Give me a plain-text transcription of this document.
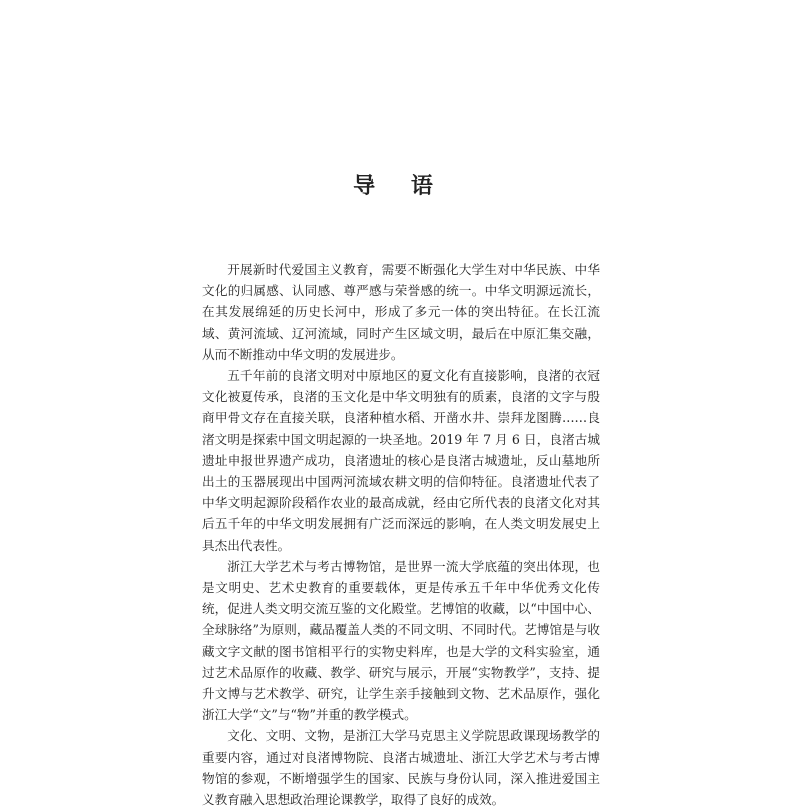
导 语

开展新时代爱国主义教育，需要不断强化大学生对中华民族、中华文化的归属感、认同感、尊严感与荣誉感的统一。中华文明源远流长，在其发展绵延的历史长河中，形成了多元一体的突出特征。在长江流域、黄河流域、辽河流域，同时产生区域文明，最后在中原汇集交融，从而不断推动中华文明的发展进步。

五千年前的良渚文明对中原地区的夏文化有直接影响，良渚的衣冠文化被夏传承，良渚的玉文化是中华文明独有的质素，良渚的文字与殷商甲骨文存在直接关联，良渚种植水稻、开凿水井、崇拜龙图腾……良渚文明是探索中国文明起源的一块圣地。2019 年 7 月 6 日，良渚古城遗址申报世界遗产成功，良渚遗址的核心是良渚古城遗址，反山墓地所出土的玉器展现出中国两河流域农耕文明的信仰特征。良渚遗址代表了中华文明起源阶段稻作农业的最高成就，经由它所代表的良渚文化对其后五千年的中华文明发展拥有广泛而深远的影响，在人类文明发展史上具杰出代表性。

浙江大学艺术与考古博物馆，是世界一流大学底蕴的突出体现，也是文明史、艺术史教育的重要载体，更是传承五千年中华优秀文化传统，促进人类文明交流互鉴的文化殿堂。艺博馆的收藏，以“中国中心、全球脉络”为原则，藏品覆盖人类的不同文明、不同时代。艺博馆是与收藏文字文献的图书馆相平行的实物史料库，也是大学的文科实验室，通过艺术品原作的收藏、教学、研究与展示，开展“实物教学”，支持、提升文博与艺术教学、研究，让学生亲手接触到文物、艺术品原作，强化浙江大学“文”与“物”并重的教学模式。

文化、文明、文物，是浙江大学马克思主义学院思政课现场教学的重要内容，通过对良渚博物院、良渚古城遗址、浙江大学艺术与考古博物馆的参观，不断增强学生的国家、民族与身份认同，深入推进爱国主义教育融入思想政治理论课教学，取得了良好的成效。
